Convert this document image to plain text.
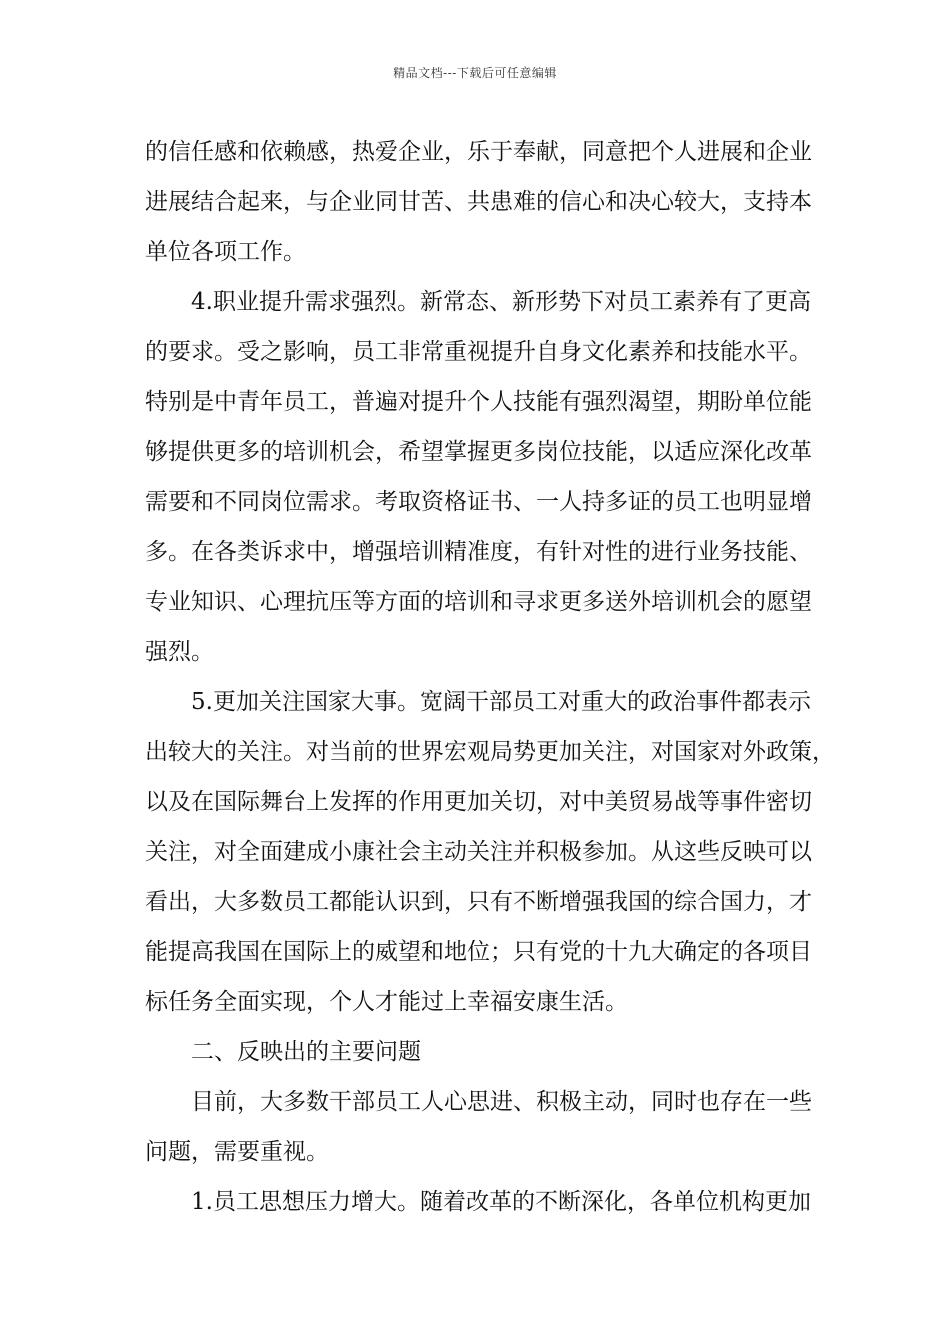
精品文档---下载后可任意编辑
的信任感和依赖感，热爱企业，乐于奉献，同意把个人进展和企业
进展结合起来，与企业同甘苦、共患难的信心和决心较大，支持本
单位各项工作。
4.职业提升需求强烈。新常态、新形势下对员工素养有了更高
的要求。受之影响，员工非常重视提升自身文化素养和技能水平。
特别是中青年员工，普遍对提升个人技能有强烈渴望，期盼单位能
够提供更多的培训机会，希望掌握更多岗位技能，以适应深化改革
需要和不同岗位需求。考取资格证书、一人持多证的员工也明显增
多。在各类诉求中，增强培训精准度，有针对性的进行业务技能、
专业知识、心理抗压等方面的培训和寻求更多送外培训机会的愿望
强烈。
5.更加关注国家大事。宽阔干部员工对重大的政治事件都表示
出较大的关注。对当前的世界宏观局势更加关注，对国家对外政策，
以及在国际舞台上发挥的作用更加关切，对中美贸易战等事件密切
关注，对全面建成小康社会主动关注并积极参加。从这些反映可以
看出，大多数员工都能认识到，只有不断增强我国的综合国力，才
能提高我国在国际上的威望和地位；只有党的十九大确定的各项目
标任务全面实现，个人才能过上幸福安康生活。
二、反映出的主要问题
目前，大多数干部员工人心思进、积极主动，同时也存在一些
问题，需要重视。
1.员工思想压力增大。随着改革的不断深化，各单位机构更加
